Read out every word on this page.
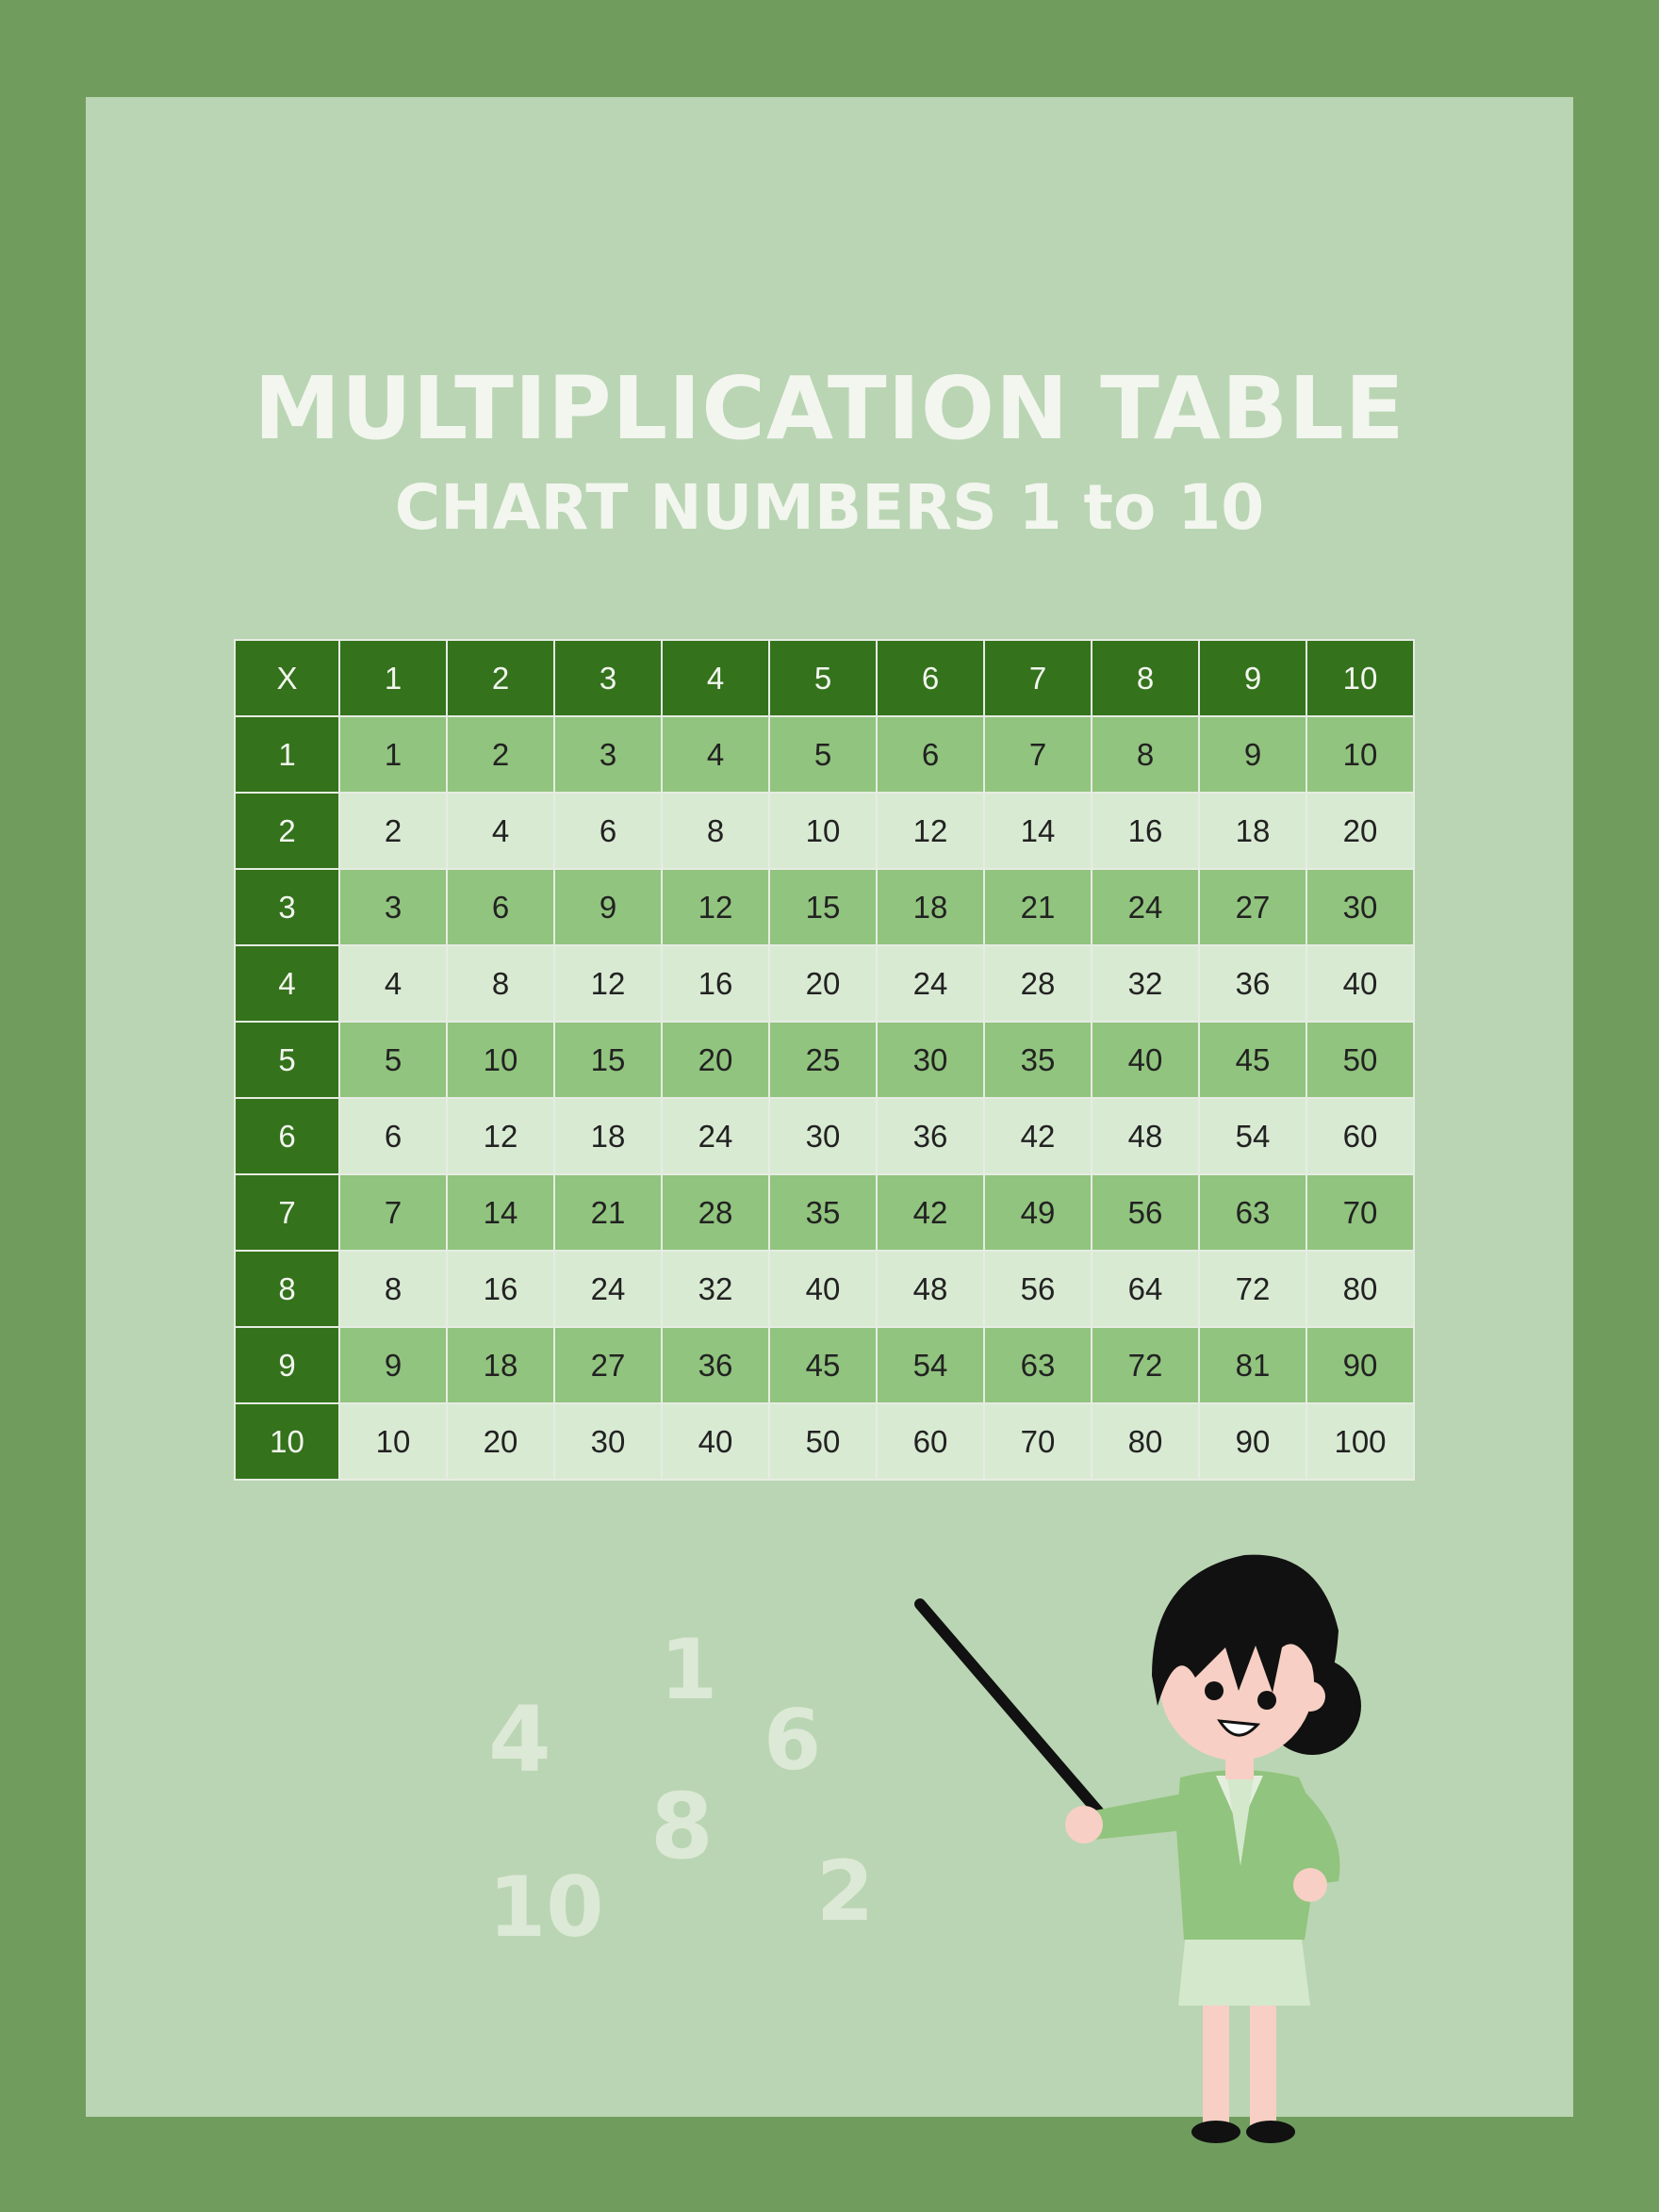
MULTIPLICATION TABLE
CHART NUMBERS 1 to 10
X	1	2	3	4	5	6	7	8	9	10
1	1	2	3	4	5	6	7	8	9	10
2	2	4	6	8	10	12	14	16	18	20
3	3	6	9	12	15	18	21	24	27	30
4	4	8	12	16	20	24	28	32	36	40
5	5	10	15	20	25	30	35	40	45	50
6	6	12	18	24	30	36	42	48	54	60
7	7	14	21	28	35	42	49	56	63	70
8	8	16	24	32	40	48	56	64	72	80
9	9	18	27	36	45	54	63	72	81	90
10	10	20	30	40	50	60	70	80	90	100
1
4	6
8
10	2
